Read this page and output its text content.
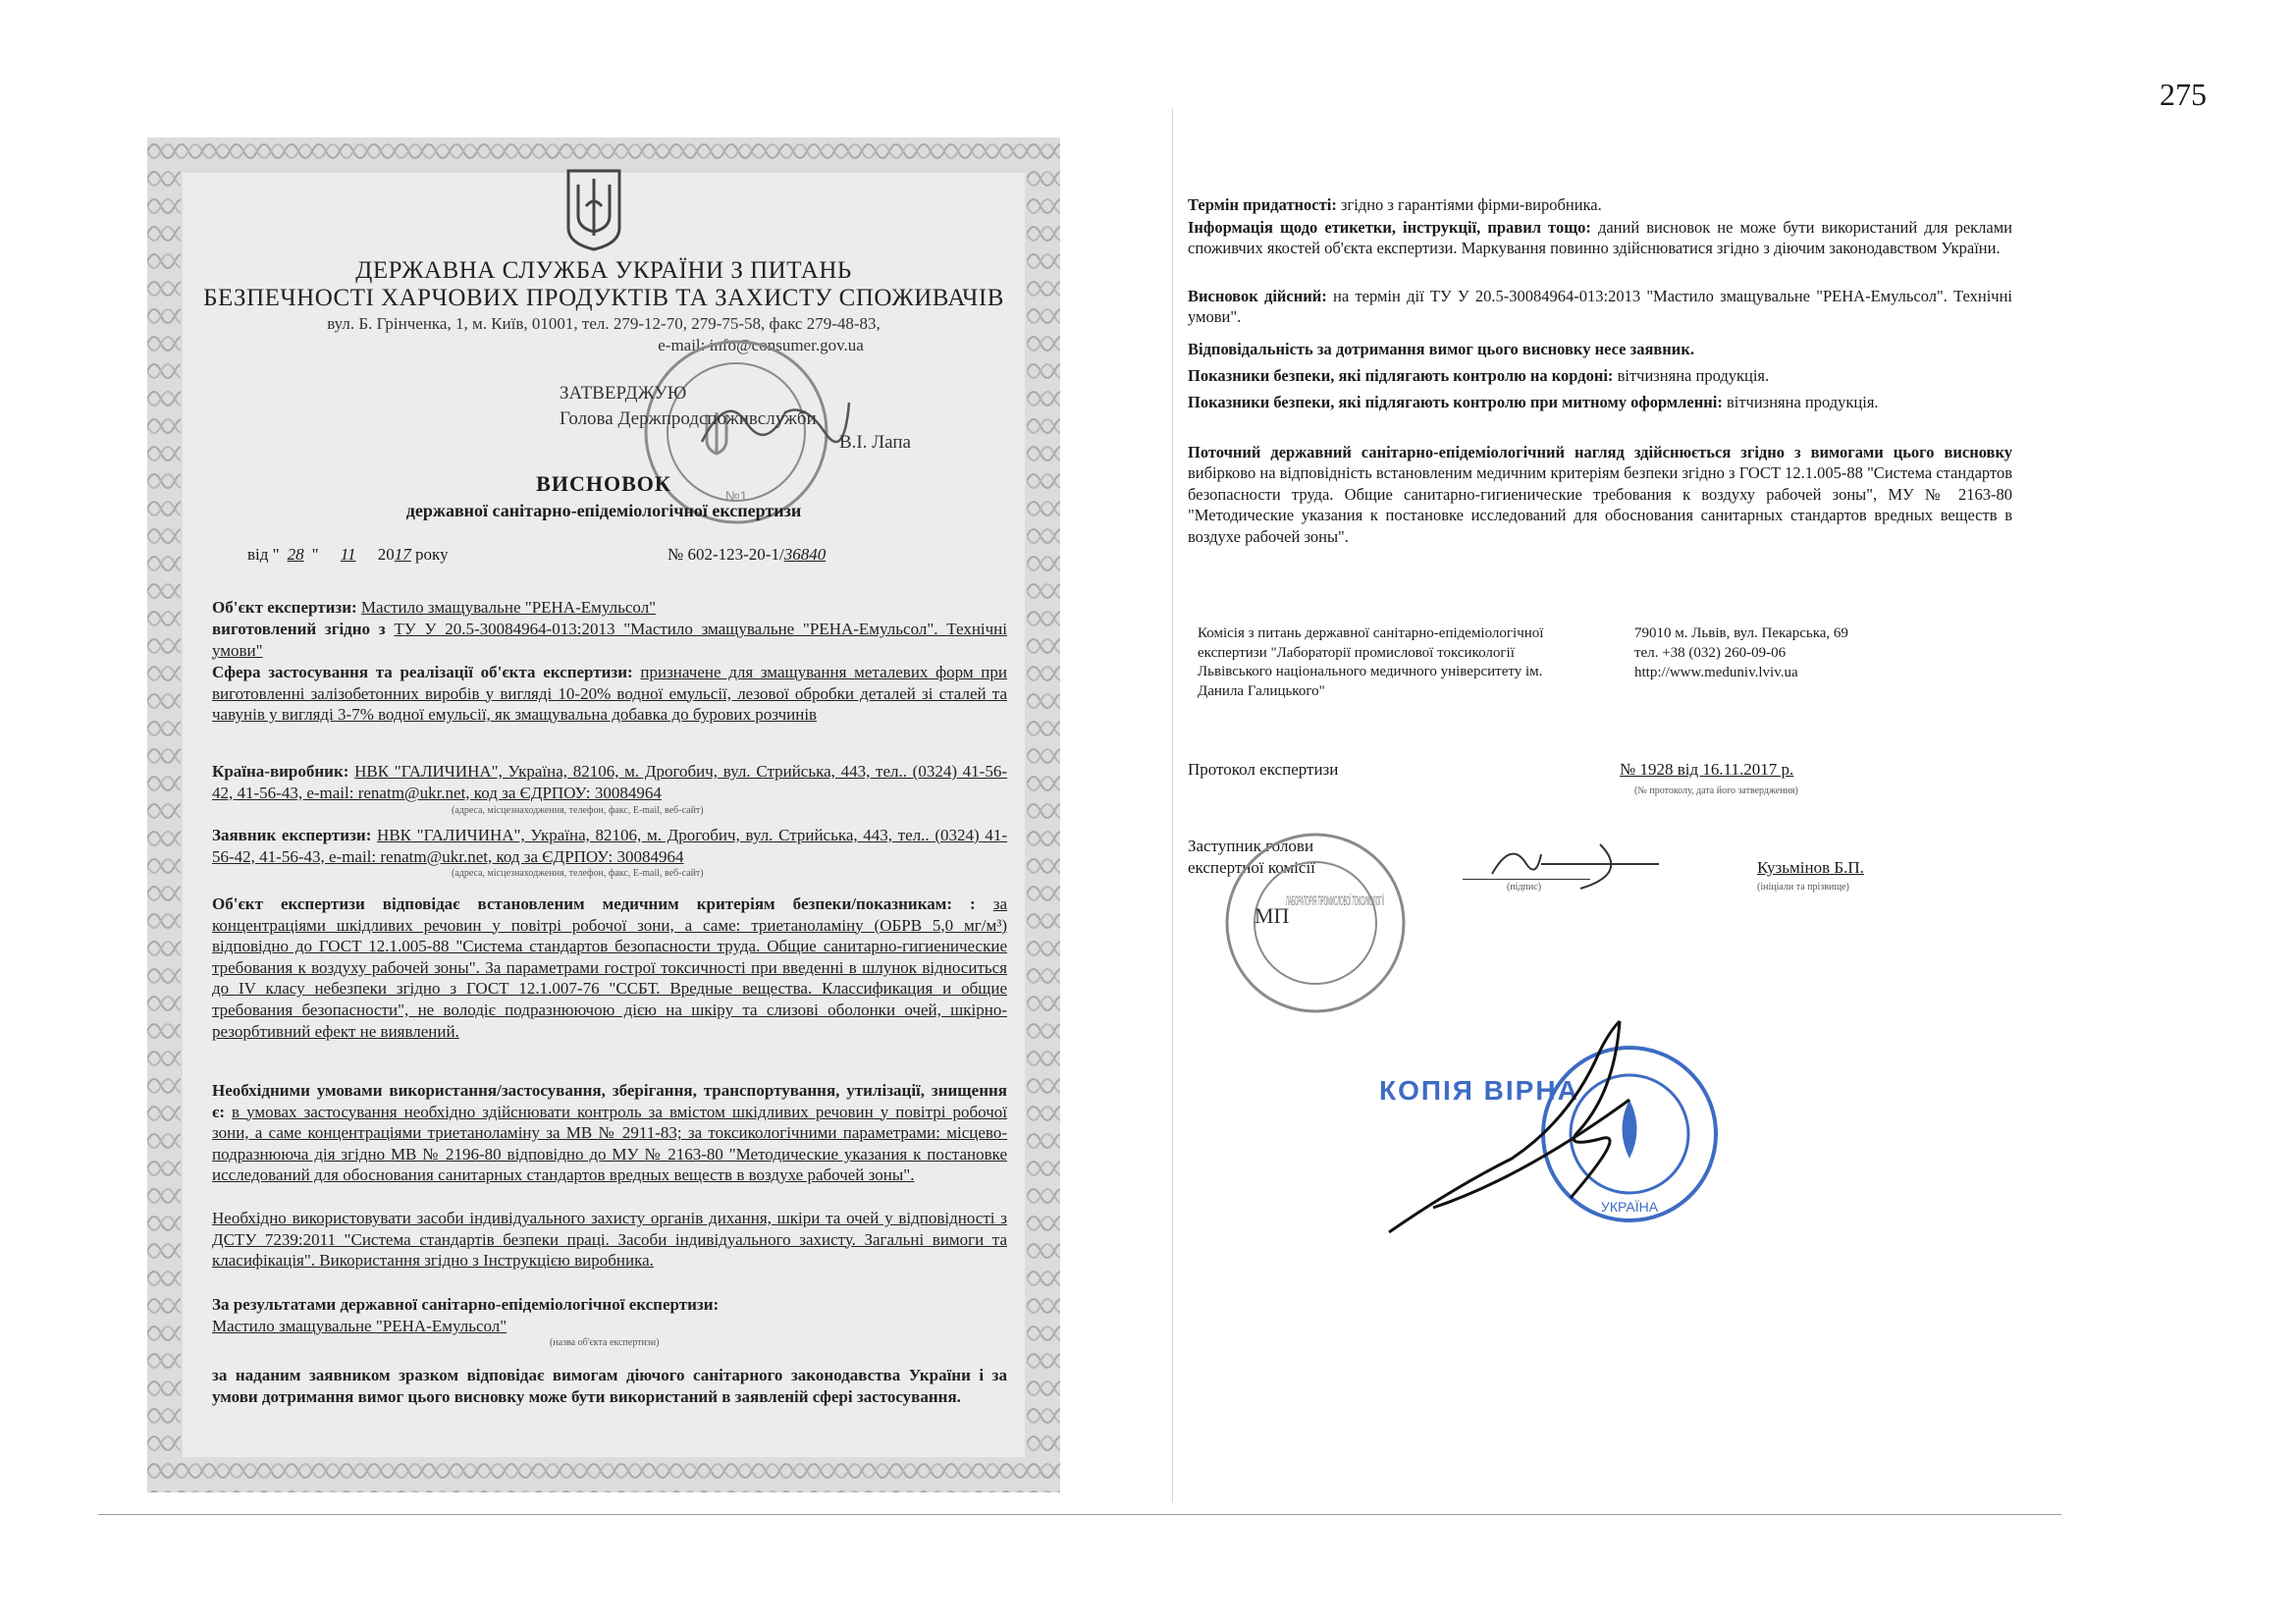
275
ДЕРЖАВНА СЛУЖБА УКРАЇНИ З ПИТАНЬ
БЕЗПЕЧНОСТІ ХАРЧОВИХ ПРОДУКТІВ ТА ЗАХИСТУ СПОЖИВАЧІВ
вул. Б. Грінченка, 1, м. Київ, 01001, тел. 279-12-70, 279-75-58, факс 279-48-83,
e-mail: info@consumer.gov.ua
№1
ЗАТВЕРДЖУЮ
Голова Держпродспоживслужби
В.І. Лапа
ВИСНОВОК
державної санітарно-епідеміологічної експертизи
від " 28 " 11 2017 року	№ 602-123-20-1/36840
Об'єкт експертизи: Мастило змащувальне "РЕНА-Емульсол"
виготовлений згідно з ТУ У 20.5-30084964-013:2013 "Мастило змащувальне "РЕНА-Емульсол". Технічні умови"
Сфера застосування та реалізації об'єкта експертизи: призначене для змащування металевих форм при виготовленні залізобетонних виробів у вигляді 10-20% водної емульсії, лезової обробки деталей зі сталей та чавунів у вигляді 3-7% водної емульсії, як змащувальна добавка до бурових розчинів
Країна-виробник: НВК "ГАЛИЧИНА", Україна, 82106, м. Дрогобич, вул. Стрийська, 443, тел.. (0324) 41-56-42, 41-56-43, e-mail: renatm@ukr.net, код за ЄДРПОУ: 30084964
(адреса, місцезнаходження, телефон, факс, E-mail, веб-сайт)
Заявник експертизи: НВК "ГАЛИЧИНА", Україна, 82106, м. Дрогобич, вул. Стрийська, 443, тел.. (0324) 41-56-42, 41-56-43, e-mail: renatm@ukr.net, код за ЄДРПОУ: 30084964
(адреса, місцезнаходження, телефон, факс, E-mail, веб-сайт)
Об'єкт експертизи відповідає встановленим медичним критеріям безпеки/показникам: : за концентраціями шкідливих речовин у повітрі робочої зони, а саме: триетаноламіну (ОБРВ 5,0 мг/м³) відповідно до ГОСТ 12.1.005-88 "Система стандартов безопасности труда. Общие санитарно-гигиенические требования к воздуху рабочей зоны". За параметрами гострої токсичності при введенні в шлунок відноситься до IV класу небезпеки згідно з ГОСТ 12.1.007-76 "ССБТ. Вредные вещества. Классификация и общие требования безопасности", не володіє подразнюючою дією на шкіру та слизові оболонки очей, шкірно-резорбтивний ефект не виявлений.
Необхідними умовами використання/застосування, зберігання, транспортування, утилізації, знищення є: в умовах застосування необхідно здійснювати контроль за вмістом шкідливих речовин у повітрі робочої зони, а саме концентраціями триетаноламіну за МВ № 2911-83; за токсикологічними параметрами: місцево-подразнююча дія згідно МВ № 2196-80 відповідно до МУ № 2163-80 "Методические указания к постановке исследований для обоснования санитарных стандартов вредных веществ в воздухе рабочей зоны".
Необхідно використовувати засоби індивідуального захисту органів дихання, шкіри та очей у відповідності з ДСТУ 7239:2011 "Система стандартів безпеки праці. Засоби індивідуального захисту. Загальні вимоги та класифікація". Використання згідно з Інструкцією виробника.
За результатами державної санітарно-епідеміологічної експертизи:
Мастило змащувальне "РЕНА-Емульсол"
(назва об'єкта експертизи)
за наданим заявником зразком відповідає вимогам діючого санітарного законодавства України і за умови дотримання вимог цього висновку може бути використаний в заявленій сфері застосування.
Термін придатності: згідно з гарантіями фірми-виробника.
Інформація щодо етикетки, інструкції, правил тощо: даний висновок не може бути використаний для реклами споживчих якостей об'єкта експертизи. Маркування повинно здійснюватися згідно з діючим законодавством України.
Висновок дійсний: на термін дії ТУ У 20.5-30084964-013:2013 "Мастило змащувальне "РЕНА-Емульсол". Технічні умови".
Відповідальність за дотримання вимог цього висновку несе заявник.
Показники безпеки, які підлягають контролю на кордоні: вітчизняна продукція.
Показники безпеки, які підлягають контролю при митному оформленні: вітчизняна продукція.
Поточний державний санітарно-епідеміологічний нагляд здійснюється згідно з вимогами цього висновку вибірково на відповідність встановленим медичним критеріям безпеки згідно з ГОСТ 12.1.005-88 "Система стандартов безопасности труда. Общие санитарно-гигиенические требования к воздуху рабочей зоны", МУ № 2163-80 "Методические указания к постановке исследований для обоснования санитарных стандартов вредных веществ в воздухе рабочей зоны".
Комісія з питань державної санітарно-епідеміологічної експертизи "Лабораторії промислової токсикології Львівського національного медичного університету ім. Данила Галицького"
79010 м. Львів, вул. Пекарська, 69
тел. +38 (032) 260-09-06
http://www.meduniv.lviv.ua
Протокол експертизи	№ 1928 від 16.11.2017 р.
(№ протоколу, дата його затвердження)
Заступник голови
експертної комісії
(підпис)
Кузьмінов Б.П.
(ініціали та прізвище)
ЛАБОРАТОРІЯ ПРОМИСЛОВОЇ ТОКСИКОЛОГІЇ
МП
КОПІЯ ВІРНА
УКРАЇНА
